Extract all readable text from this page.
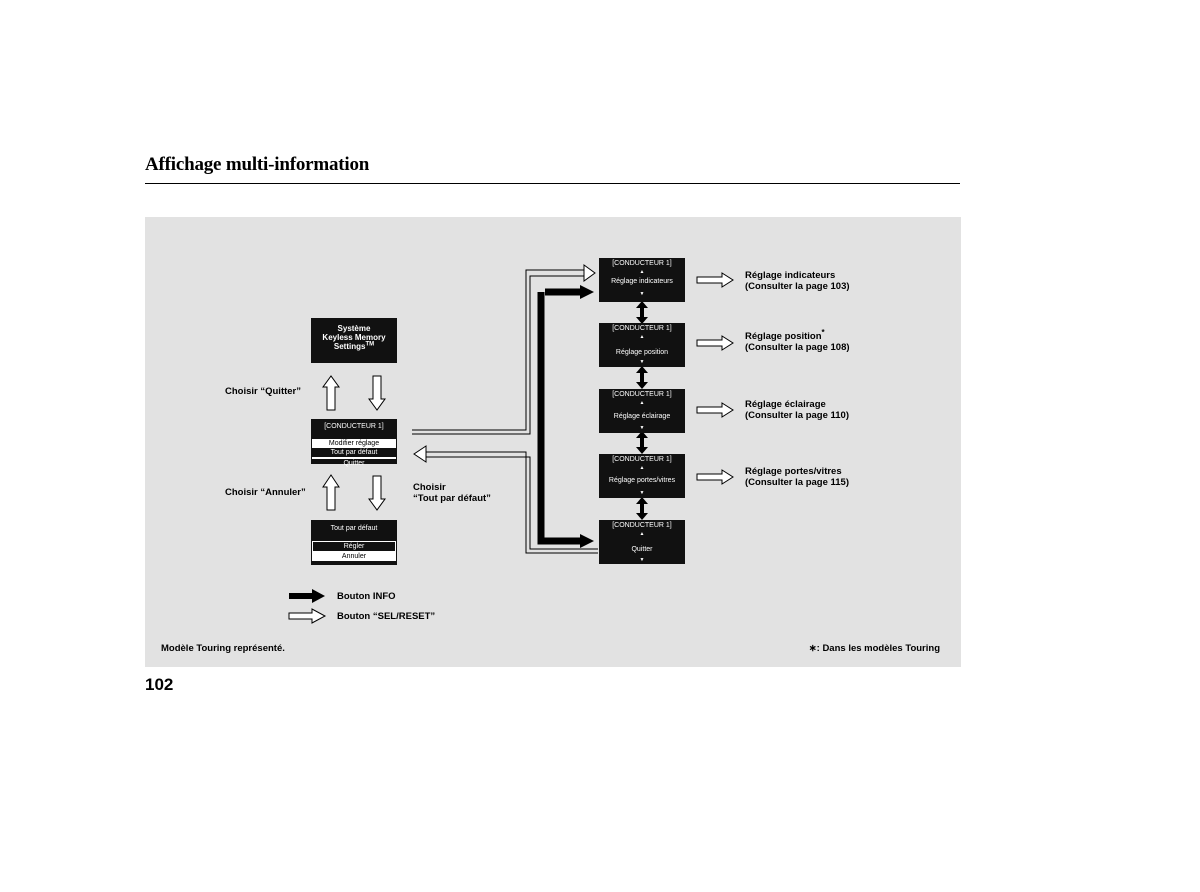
Affichage multi-information
Système
Keyless Memory
Settings™
[CONDUCTEUR 1]
Modifier réglage
Tout par défaut
Quitter
Tout par défaut
Régler
Annuler
[CONDUCTEUR 1]
▲
Réglage indicateurs
▼
[CONDUCTEUR 1]
▲
Réglage position
▼
[CONDUCTEUR 1]
▲
Réglage éclairage
▼
[CONDUCTEUR 1]
▲
Réglage portes/vitres
▼
[CONDUCTEUR 1]
▲
Quitter
▼
Choisir “Quitter”
Choisir “Annuler”	Choisir
“Tout par défaut”
Réglage indicateurs
(Consulter la page 103)
Réglage position*
(Consulter la page 108)
Réglage éclairage
(Consulter la page 110)
Réglage portes/vitres
(Consulter la page 115)
Bouton INFO
Bouton “SEL/RESET”
Modèle Touring représenté.	∗: Dans les modèles Touring
102
